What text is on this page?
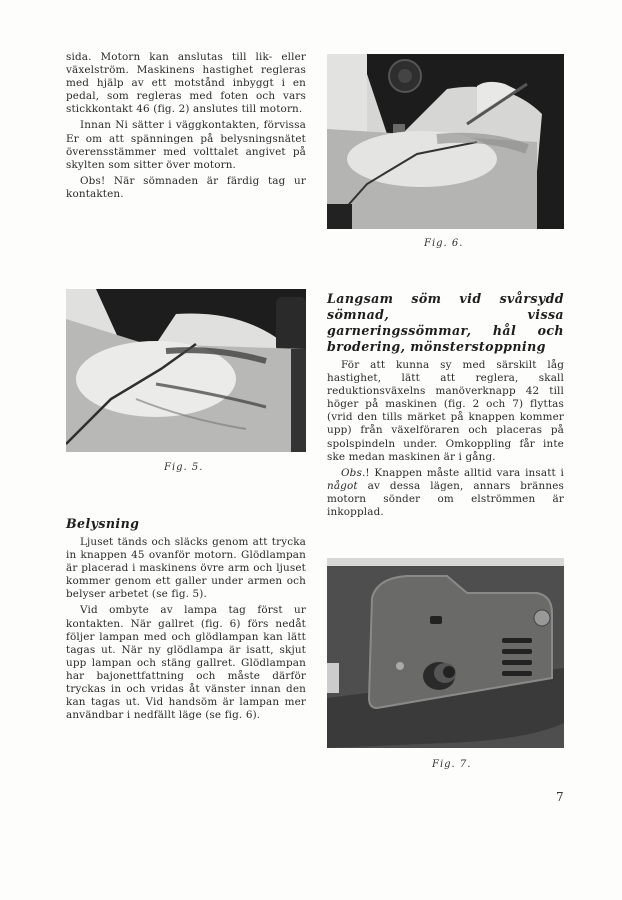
sida. Motorn kan anslutas till lik- eller växelström. Maskinens hastighet regleras med hjälp av ett motstånd inbyggt i en pedal, som regleras med foten och vars stickkontakt 46 (fig. 2) anslutes till motorn.

Innan Ni sätter i väggkontakten, förvissa Er om att spänningen på belysningsnätet överensstämmer med volttalet angivet på skylten som sitter över motorn.

Obs! När sömnaden är färdig tag ur kontakten.

Fig. 6.
Fig. 5.
Langsam söm vid svårsydd sömnad, vissa garneringssömmar, hål och brodering, mönsterstoppning

För att kunna sy med särskilt låg hastighet, lätt att reglera, skall reduktionsväxelns manöverknapp 42 till höger på maskinen (fig. 2 och 7) flyttas (vrid den tills märket på knappen kommer upp) från växelföraren och placeras på spolspindeln under. Omkoppling får inte ske medan maskinen är i gång.

Obs.! Knappen måste alltid vara insatt i något av dessa lägen, annars brännes motorn sönder om elströmmen är inkopplad.

Belysning

Ljuset tänds och släcks genom att trycka in knappen 45 ovanför motorn. Glödlampan är placerad i maskinens övre arm och ljuset kommer genom ett galler under armen och belyser arbetet (se fig. 5).

Vid ombyte av lampa tag först ur kontakten. När gallret (fig. 6) förs nedåt följer lampan med och glödlampan kan lätt tagas ut. När ny glödlampa är isatt, skjut upp lampan och stäng gallret. Glödlampan har bajonettfattning och måste därför tryckas in och vridas åt vänster innan den kan tagas ut. Vid handsöm är lampan mer användbar i nedfällt läge (se fig. 6).

Fig. 7.
7
